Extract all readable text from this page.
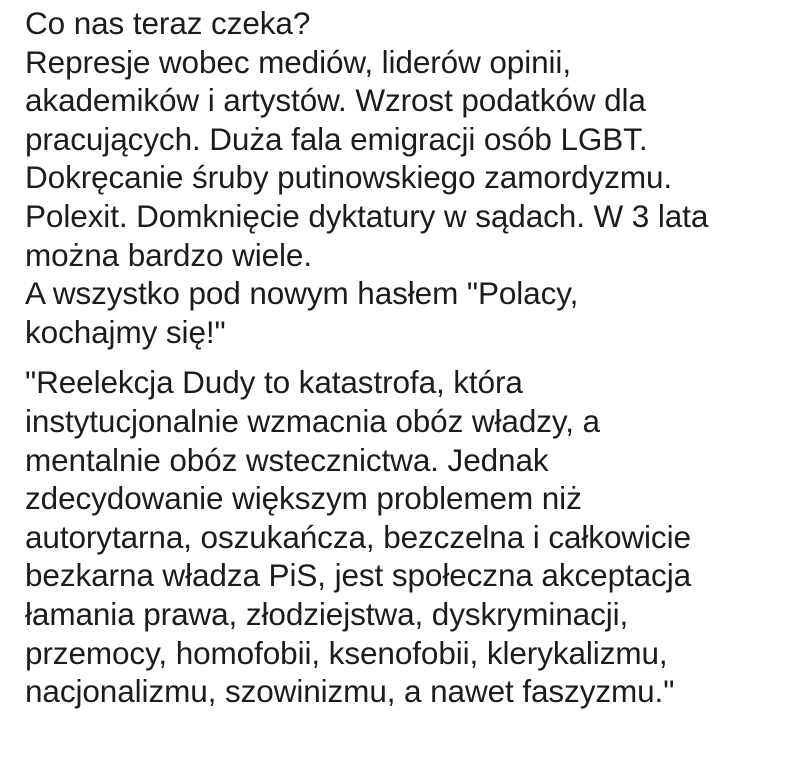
Co nas teraz czeka?
Represje wobec mediów, liderów opinii,
akademików i artystów. Wzrost podatków dla
pracujących. Duża fala emigracji osób LGBT.
Dokręcanie śruby putinowskiego zamordyzmu.
Polexit. Domknięcie dyktatury w sądach. W 3 lata
można bardzo wiele.
A wszystko pod nowym hasłem "Polacy,
kochajmy się!"

"Reelekcja Dudy to katastrofa, która
instytucjonalnie wzmacnia obóz władzy, a
mentalnie obóz wstecznictwa. Jednak
zdecydowanie większym problemem niż
autorytarna, oszukańcza, bezczelna i całkowicie
bezkarna władza PiS, jest społeczna akceptacja
łamania prawa, złodziejstwa, dyskryminacji,
przemocy, homofobii, ksenofobii, klerykalizmu,
nacjonalizmu, szowinizmu, a nawet faszyzmu."
